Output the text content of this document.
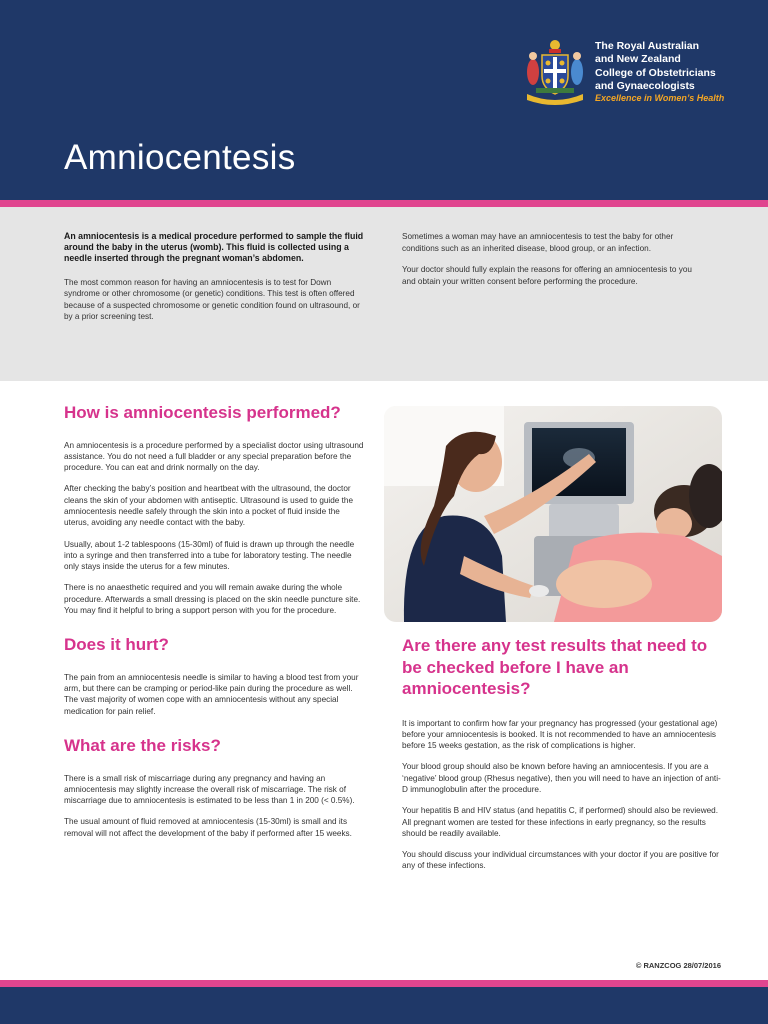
The Royal Australian
and New Zealand
College of Obstetricians
and Gynaecologists
Excellence in Women’s Health
Amniocentesis

An amniocentesis is a medical procedure performed to sample the fluid around the baby in the uterus (womb). This fluid is collected using a needle inserted through the pregnant woman’s abdomen.

The most common reason for having an amniocentesis is to test for Down syndrome or other chromosome (or genetic) conditions. This test is often offered because of a suspected chromosome or genetic condition found on ultrasound, or by a prior screening test.

Sometimes a woman may have an amniocentesis to test the baby for other conditions such as an inherited disease, blood group, or an infection.

Your doctor should fully explain the reasons for offering an amniocentesis to you and obtain your written consent before performing the procedure.

How is amniocentesis performed?

An amniocentesis is a procedure performed by a specialist doctor using ultrasound assistance. You do not need a full bladder or any special preparation before the procedure. You can eat and drink normally on the day.

After checking the baby’s position and heartbeat with the ultrasound, the doctor cleans the skin of your abdomen with antiseptic. Ultrasound is used to guide the amniocentesis needle safely through the skin into a pocket of fluid inside the uterus, avoiding any needle contact with the baby.

Usually, about 1-2 tablespoons (15-30ml) of fluid is drawn up through the needle into a syringe and then transferred into a tube for laboratory testing. The needle only stays inside the uterus for a few minutes.

There is no anaesthetic required and you will remain awake during the whole procedure. Afterwards a small dressing is placed on the skin needle puncture site. You may find it helpful to bring a support person with you for the procedure.

Does it hurt?

The pain from an amniocentesis needle is similar to having a blood test from your arm, but there can be cramping or period-like pain during the procedure as well. The vast majority of women cope with an amniocentesis without any special medication for pain relief.

What are the risks?

There is a small risk of miscarriage during any pregnancy and having an amniocentesis may slightly increase the overall risk of miscarriage. The risk of miscarriage due to amniocentesis is estimated to be less than 1 in 200 (< 0.5%).

The usual amount of fluid removed at amniocentesis (15-30ml) is small and its removal will not affect the development of the baby if performed after 15 weeks.

Are there any test results that need to be checked before I have an amniocentesis?

It is important to confirm how far your pregnancy has progressed (your gestational age) before your amniocentesis is booked. It is not recommended to have an amniocentesis before 15 weeks gestation, as the risk of complications is higher.

Your blood group should also be known before having an amniocentesis. If you are a ‘negative’ blood group (Rhesus negative), then you will need to have an injection of anti-D immunoglobulin after the procedure.

Your hepatitis B and HIV status (and hepatitis C, if performed) should also be reviewed. All pregnant women are tested for these infections in early pregnancy, so the results should be readily available.

You should discuss your individual circumstances with your doctor if you are positive for any of these infections.

© RANZCOG 28/07/2016
